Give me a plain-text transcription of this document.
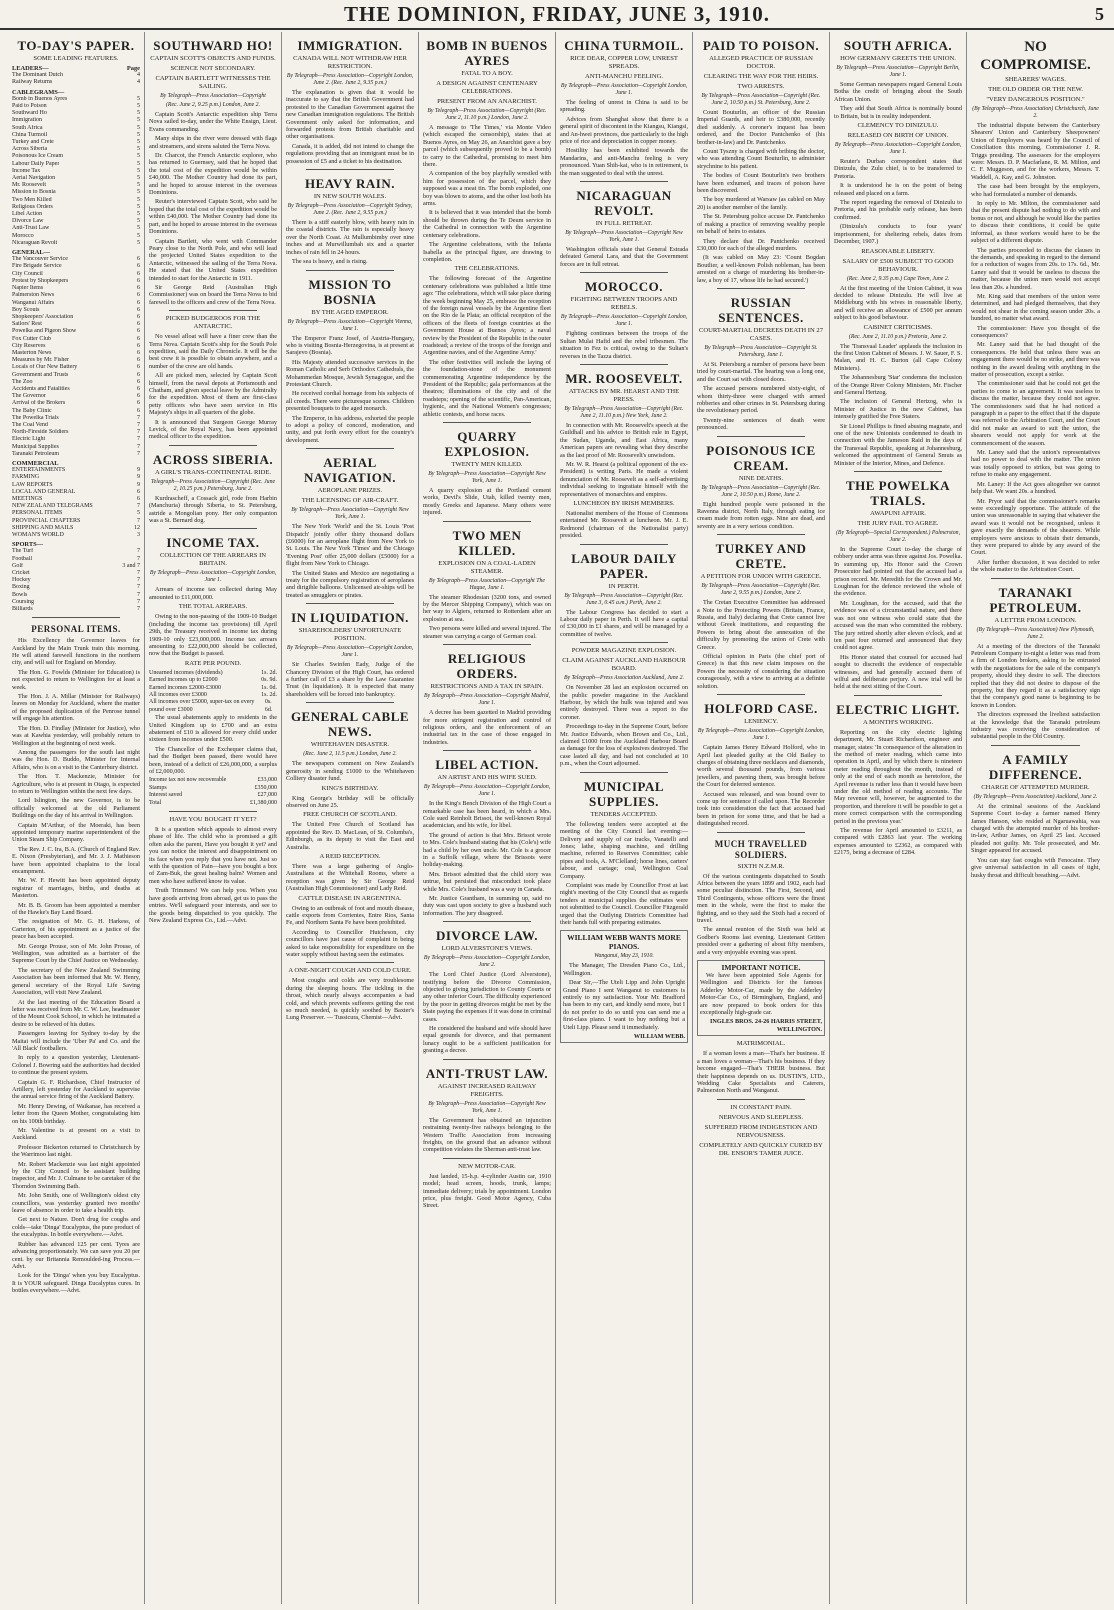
THE DOMINION, FRIDAY, JUNE 3, 1910.	5
TO-DAY'S PAPER.
SOME LEADING FEATURES.
LEADERS—	Page
The Dominant Dutch	4
Railway Returns	4
CABLEGRAMS—
Bomb in Buenos Ayres	5
Paid to Poison	5
Southward Ho	5
Immigration	5
South Africa	5
China Turmoil	5
Turkey and Crete	5
Across Siberia	5
Poisonous Ice Cream	5
Labour Daily Paper	5
Income Tax	5
Aerial Navigation	5
Mr. Roosevelt	5
Mission to Bosnia	5
Two Men Killed	5
Religious Orders	5
Libel Action	5
Divorce Law	5
Anti-Trust Law	5
Morocco	5
Nicaraguan Revolt	5
GENERAL—
The Vancouver Service	6
Fire Brigade Service	6
City Council	6
Protest by Shopkeepers	6
Napier Items	6
Palmerston News	6
Wanganui Affairs	6
Boy Scouts	6
Shopkeepers' Association	6
Sailors' Rest	6
Powelka and Pigeon Show	6
Fox Cutter Club	6
City Reserves	6
Masterton News	6
Measures by Mr. Fisher	6
Locals of Our New Battery	6
Government and Trusts	6
The Zoo	6
Accidents and Fatalities	6
The Governor	6
Arrival of the Brokers	6
The Baby Clinic	6
The Powelka Trials	7
The Coal Vend	7
North-Fireside Soldiers	7
Electric Light	7
Municipal Supplies	7
Taranaki Petroleum	7
COMMERCIAL
ENTERTAINMENTS	9
FARMING	9
LAW REPORTS	9
LOCAL AND GENERAL	6
MEETINGS	6
NEW ZEALAND TELEGRAMS	7
PERSONAL ITEMS	5
PROVINCIAL CHAPTERS	7
SHIPPING AND MAILS	12
WOMAN'S WORLD	3
SPORTS—
The Turf	7
Football	7
Golf	3 and 7
Cricket	7
Hockey	7
Boxing	7
Bowls	7
Coursing	7
Billiards	7
PERSONAL ITEMS.

His Excellency the Governor leaves for Auckland by the Main Trunk train this morning. He will attend farewell functions in the northern city, and will sail for England on Monday.

The Hon. G. Fowlds (Minister for Education) is not expected to return to Wellington for at least a week.

The Hon. J. A. Millar (Minister for Railways) leaves on Monday for Auckland, where the matter of the proposed duplication of the Penrose tunnel will engage his attention.

The Hon. D. Findlay (Minister for Justice), who was at Kawhia yesterday, will probably return to Wellington at the beginning of next week.

Among the passengers for the south last night was the Hon. D. Buddo, Minister for Internal Affairs, who is on a visit to the Canterbury district.

The Hon. T. Mackenzie, Minister for Agriculture, who is at present in Otago, is expected to return to Wellington within the next few days.

Lord Islington, the new Governor, is to be officially welcomed at the old Parliament Buildings on the day of his arrival in Wellington.

Captain M'Arthur, of the Moeraki, has been appointed temporary marine superintendent of the Union Steam Ship Company.

The Rev. J. C. Ira, B.A. (Church of England Rev. E. Nixon (Presbyterian), and Mr. J. J. Mathieson have been appointed chaplains to the local encampment.

Mr. W. F. Hewitt has been appointed deputy registrar of marriages, births, and deaths at Masterton.

Mr. B. B. Groom has been appointed a member of the Hawke's Bay Land Board.

The resignation of Mr. G. H. Harkess, of Carterton, of his appointment as a justice of the peace has been accepted.

Mr. George Prouse, son of Mr. John Prouse, of Wellington, was admitted as a barrister of the Supreme Court by the Chief Justice on Wednesday.

The secretary of the New Zealand Swimming Association has been informed that Mr. W. Henry, general secretary of the Royal Life Saving Association, will visit New Zealand.

At the last meeting of the Education Board a letter was received from Mr. C. W. Lee, headmaster of the Mount Cook School, in which he intimated a desire to be relieved of his duties.

Passengers leaving for Sydney to-day by the Maitai will include the 'Uber Pa' and Co. and the 'All Black' footballers.

In reply to a question yesterday, Lieutenant-Colonel J. Bowring said the authorities had decided to continue the present system.

Captain G. F. Richardson, Chief Instructor of Artillery, left yesterday for Auckland to supervise the annual service firing of the Auckland Battery.

Mr. Henry Dewing, of Waikanae, has received a letter from the Queen Mother, congratulating him on his 100th birthday.

Mr. Valentine is at present on a visit to Auckland.

Professor Bickerton returned to Christchurch by the Warrimoo last night.

Mr. Robert Mackenzie was last night appointed by the City Council to be assistant building inspector, and Mr. J. Culmane to be caretaker of the Thorndon Swimming Bath.

Mr. John Smith, one of Wellington's oldest city councillors, was yesterday granted two months' leave of absence in order to take a health trip.

Get next to Nature. Don't drug for coughs and colds—take 'Dinga' Eucalyptus, the pure product of the eucalyptus. In bottle everywhere.—Advt.

Rubber has advanced 125 per cent. Tyres are advancing proportionately. We can save you 20 per cent. by our Britannia Remoulded-ing Process.—Advt.

Look for the 'Dinga' when you buy Eucalyptus. It is YOUR safeguard. Dinga Eucalyptus cures. In bottles everywhere.—Advt.

SOUTHWARD HO!
CAPTAIN SCOTT'S OBJECTS AND FUNDS.
SCIENCE NOT SECONDARY.
CAPTAIN BARTLETT WITNESSES THE SAILING.
By Telegraph—Press Association—Copyright
(Rec. June 2, 9.25 p.m.) London, June 2.

Captain Scott's Antarctic expedition ship Terra Nova sailed to-day, under the White Ensign, Lieut. Evans commanding.

Many ships in the river were dressed with flags and streamers, and sirens saluted the Terra Nova.

Dr. Charcot, the French Antarctic explorer, who has returned to Guernsey, said that he hoped that the total cost of the expedition would be within £40,000. The Mother Country had done its part, and he hoped to arouse interest in the overseas Dominions.

Reuter's interviewed Captain Scott, who said he hoped that the total cost of the expedition would be within £40,000. The Mother Country had done its part, and he hoped to arouse interest in the overseas Dominions.

Captain Bartlett, who went with Commander Peary close to the North Pole, and who will lead the projected United States expedition to the Antarctic, witnessed the sailing of the Terra Nova. He stated that the United States expedition intended to start for the Antarctic in 1911.

Sir George Reid (Australian High Commissioner) was on board the Terra Nova to bid farewell to the officers and crew of the Terra Nova.

PICKED BUDGEROOS FOR THE ANTARCTIC.

No vessel afloat will have a finer crew than the Terra Nova. Captain Scott's ship for the South Pole expedition, said the Daily Chronicle. It will be the best crew it is possible to obtain anywhere, and a number of the crew are old hands.

All are picked men, selected by Captain Scott himself, from the naval depots at Portsmouth and Chatham, and given special leave by the Admiralty for the expedition. Most of them are first-class petty officers who have seen service in His Majesty's ships in all quarters of the globe.

It is announced that Surgeon George Murray Levick, of the Royal Navy, has been appointed medical officer to the expedition.

ACROSS SIBERIA.
A GIRL'S TRANS-CONTINENTAL RIDE.
Telegraph—Press Association—Copyright (Rec. June 2, 10.25 p.m.) Petersburg, June 2.

Kurdrascheff, a Cossack girl, rode from Harbin (Manchuria) through Siberia, to St. Petersburg, astride a Mongolian pony. Her only companion was a St. Bernard dog.

INCOME TAX.
COLLECTION OF THE ARREARS IN BRITAIN.
By Telegraph—Press Association—Copyright London, June 1.

Arrears of income tax collected during May amounted to £11,000,000.

THE TOTAL ARREARS.

Owing to the non-passing of the 1909-10 Budget (including the income tax provisions) till April 29th, the Treasury received in income tax during 1909-10 only £23,000,000. Income tax arrears amounting to £22,000,000 should be collected, now that the Budget is passed.

RATE PER POUND.
Unearned incomes (dividends)	1s. 2d.
Earned incomes up to £2000	0s. 9d.
Earned incomes £2000-£3000	1s. 0d.
All incomes over £3000	1s. 2d.
All incomes over £5000, super-tax on every pound over £3000
0s. 6d.

The usual abatements apply to residents in the United Kingdom up to £700 and an extra abatement of £10 is allowed for every child under sixteen from incomes under £500.

The Chancellor of the Exchequer claims that, had the Budget been passed, there would have been, instead of a deficit of £26,000,000, a surplus of £2,000,000.

Income tax not now recoverable	£33,000
Stamps	£350,000
Interest saved	£27,000
Total	£1,380,000
HAVE YOU BOUGHT IT YET?

It is a question which appeals to almost every phase of life. The child who is promised a gift often asks the parent, Have you bought it yet? and you can notice the interest and disappointment on its face when you reply that you have not. Just so with the question of Pain—have you bought a box of Zam-Buk, the great healing balm? Women and men who have suffered know its value.

Truth Trimmers! We can help you. When you have goods arriving from abroad, get us to pass the entries. We'll safeguard your interests, and see to the goods being dispatched to you quickly. The New Zealand Express Co., Ltd.—Advt.

IMMIGRATION.
CANADA WILL NOT WITHDRAW HER RESTRICTION.
By Telegraph—Press Association—Copyright London, June 2. (Rec. June 2, 9.35 p.m.)

The explanation is given that it would be inaccurate to say that the British Government had protested to the Canadian Government against the new Canadian immigration regulations. The British Government only asked for information, and forwarded protests from British charitable and other organisations.

Canada, it is added, did not intend to change the regulations providing that an immigrant must be in possession of £5 and a ticket to his destination.

HEAVY RAIN.
IN NEW SOUTH WALES.
By Telegraph—Press Association—Copyright Sydney, June 2. (Rec. June 2, 9.55 p.m.)

There is a stiff easterly blow, with heavy rain in the coastal districts. The rain is especially heavy over the North Coast. At Mullumbimby over nine inches and at Murwillumbah six and a quarter inches of rain fell in 24 hours.

The sea is heavy, and is rising.

MISSION TO BOSNIA
BY THE AGED EMPEROR.
By Telegraph—Press Association—Copyright Vienna, June 1.

The Emperor Franz Josef, of Austria-Hungary, who is visiting Bosnia-Herzegovina, is at present at Sarajevo (Bosnia).

His Majesty attended successive services in the Roman Catholic and Serb Orthodox Cathedrals, the Mohammedan Mosque, Jewish Synagogue, and the Protestant Church.

He received cordial homage from his subjects of all creeds. There were picturesque scenes. Children presented bouquets to the aged monarch.

The Emperor, in his address, exhorted the people to adopt a policy of concord, moderation, and unity, and put forth every effort for the country's development.

AERIAL NAVIGATION.
AEROPLANE PRIZES.
THE LICENSING OF AIR-CRAFT.
By Telegraph—Press Association—Copyright New York, June 1.

The New York 'World' and the St. Louis 'Post Dispatch' jointly offer thirty thousand dollars (£6000) for an aeroplane flight from New York to St. Louis. The New York 'Times' and the Chicago 'Evening Post' offer 25,000 dollars (£5000) for a flight from New York to Chicago.

The United States and Mexico are negotiating a treaty for the compulsory registration of aeroplanes and dirigible balloons. Unlicensed air-ships will be treated as smugglers or pirates.

IN LIQUIDATION.
SHAREHOLDERS' UNFORTUNATE POSITION.
By Telegraph—Press Association—Copyright London, June 1.

Sir Charles Swinfen Eady, Judge of the Chancery Division of the High Court, has ordered a further call of £3 a share by the Law Guarantee Trust (in liquidation). It is expected that many shareholders will be forced into bankruptcy.

GENERAL CABLE NEWS.
WHITEHAVEN DISASTER.
(Rec. June 2, 11.5 p.m.) London, June 2.

The newspapers comment on New Zealand's generosity in sending £1000 to the Whitehaven Colliery disaster fund.

KING'S BIRTHDAY.

King George's birthday will be officially observed on June 25.

FREE CHURCH OF SCOTLAND.

The United Free Church of Scotland has appointed the Rev. D. MacLean, of St. Columba's, Edinburgh, as its deputy to visit the East and Australia.

A REID RECEPTION.

There was a large gathering of Anglo-Australians at the Whitehall Rooms, where a reception was given by Sir George Reid (Australian High Commissioner) and Lady Reid.

CATTLE DISEASE IN ARGENTINA.

Owing to an outbreak of foot and mouth disease, cattle exports from Corrientes, Entre Rios, Santa Fe, and Northern Santa Fe have been prohibited.

According to Councillor Hutcheson, city councillors have just cause of complaint in being asked to take responsibility for expenditure on the water supply without having seen the estimates.

A ONE-NIGHT COUGH AND COLD CURE.

Most coughs and colds are very troublesome during the sleeping hours. The tickling in the throat, which nearly always accompanies a bad cold, and which prevents sufferers getting the rest so much needed, is quickly soothed by Baxter's Lung Preserver. — Tussicura, Chemist—Advt.

BOMB IN BUENOS AYRES
FATAL TO A BOY.
A DESIGN AGAINST CENTENARY CELEBRATIONS.
PRESENT FROM AN ANARCHIST.
By Telegraph—Press Association—Copyright (Rec. June 2, 11.10 p.m.) London, June 2.

A message to 'The Times,' via Monte Video (which escaped the censorship), states that at Buenos Ayres, on May 26, an Anarchist gave a boy parcel (which subsequently proved to be a bomb) to carry to the Cathedral, promising to meet him there.

A companion of the boy playfully wrestled with him for possession of the parcel, which they supposed was a meat tin. The bomb exploded, one boy was blown to atoms, and the other lost both his arms.

It is believed that it was intended that the bomb should be thrown during the Te Deum service in the Cathedral in connection with the Argentine centenary celebrations.

The Argentine celebrations, with the Infanta Isabella as the principal figure, are drawing to completion.

THE CELEBRATIONS.

The following forecast of the Argentine centenary celebrations was published a little time ago: 'The celebrations, which will take place during the week beginning May 25, embrace the reception of the foreign naval vessels by the Argentine fleet on the Rio de la Plata; an official reception of the officers of the fleets of foreign countries at the Government House at Buenos Ayres; a naval review by the President of the Republic in the outer roadstead; a review of the troops of the foreign and Argentine navies, and of the Argentine Army.'

The other festivities will include the laying of the foundation-stone of the monument commemorating Argentine independence by the President of the Republic; gala performances at the theatres; illuminations of the city and of the roadsteps; opening of the scientific, Pan-American, hygienic, and the National Women's congresses; athletic contests, and horse races.

QUARRY EXPLOSION.
TWENTY MEN KILLED.
By Telegraph—Press Association—Copyright New York, June 1.

A quarry explosion at the Portland cement works, Devil's Slide, Utah, killed twenty men, mostly Greeks and Japanese. Many others were injured.

TWO MEN KILLED.
EXPLOSION ON A COAL-LADEN STEAMER.
By Telegraph—Press Association—Copyright The Hague, June 1.

The steamer Rhodesian (3200 tons, and owned by the Mercer Shipping Company), which was on her way to Algiers, returned to Rotterdam after an explosion at sea.

Two persons were killed and several injured. The steamer was carrying a cargo of German coal.

RELIGIOUS ORDERS.
RESTRICTIONS AND A TAX IN SPAIN.
By Telegraph—Press Association—Copyright Madrid, June 1.

A decree has been gazetted in Madrid providing for more stringent registration and control of religious orders, and the enforcement of an industrial tax in the case of those engaged in industries.

LIBEL ACTION.
AN ARTIST AND HIS WIFE SUED.
By Telegraph—Press Association—Copyright London, June 1.

In the King's Bench Division of the High Court a remarkable case has been heard, in which a Mrs. Cole sued Reinholt Brissot, the well-known Royal academician, and his wife, for libel.

The ground of action is that Mrs. Brissot wrote to Mrs. Cole's husband stating that his (Cole's) wife had a child by her own uncle. Mr. Cole is a grocer in a Suffolk village, where the Brissots were holiday-making.

Mrs. Brissot admitted that the child story was untrue, but persisted that misconduct took place while Mrs. Cole's husband was a way in Canada.

Mr. Justice Grantham, in summing up, said no duty was cast upon society to give a husband such information. The jury disagreed.

DIVORCE LAW.
LORD ALVERSTONE'S VIEWS.
By Telegraph—Press Association—Copyright London, June 2.

The Lord Chief Justice (Lord Alverstone), testifying before the Divorce Commission, objected to giving jurisdiction to County Courts or any other inferior Court. The difficulty experienced by the poor in getting divorces might be met by the State paying the expenses if it was done in criminal cases.

He considered the husband and wife should have equal grounds for divorce, and that permanent lunacy ought to be a sufficient justification for granting a decree.

ANTI-TRUST LAW.
AGAINST INCREASED RAILWAY FREIGHTS.
By Telegraph—Press Association—Copyright New York, June 1.

The Government has obtained an injunction restraining twenty-five railways belonging to the Western Traffic Association from increasing freights, on the ground that an advance without competition violates the Sherman anti-trust law.

NEW MOTOR-CAR.

Just landed, 15-h.p. 4-cylinder Austin car, 1910 model; head screen, hoods, trunk, lamps; immediate delivery; trials by appointment. London price, plus freight. Good Motor Agency, Cuba Street.

CHINA TURMOIL.
RICE DEAR, COPPER LOW, UNREST SPREADS.
ANTI-MANCHU FEELING.
By Telegraph—Press Association—Copyright London, June 1.

The feeling of unrest in China is said to be spreading.

Advices from Shanghai show that there is a general spirit of discontent in the Kiangsu, Kiangsi, and An-hwei provinces, due particularly to the high price of rice and depreciation in copper money.

Hostility has been exhibited towards the Mandarins, and anti-Manchu feeling is very pronounced. Yuan Shih-kai, who is in retirement, is the man suggested to deal with the unrest.

NICARAGUAN REVOLT.
IN FULL RETREAT.
By Telegraph—Press Association—Copyright New York, June 1.

Washington officials state that General Estrada defeated General Lara, and that the Government forces are in full retreat.

MOROCCO.
FIGHTING BETWEEN TROOPS AND REBELS.
By Telegraph—Press Association—Copyright London, June 1.

Fighting continues between the troops of the Sultan Mulai Hafid and the rebel tribesmen. The situation in Fez is critical, owing to the Sultan's reverses in the Tazza district.

MR. ROOSEVELT.
ATTACKS BY MR. HEARST AND THE PRESS.
By Telegraph—Press Association—Copyright (Rec. June 2, 11.10 p.m.) New York, June 2.

In connection with Mr. Roosevelt's speech at the Guildhall and his advice to British rule in Egypt, the Sudan, Uganda, and East Africa, many American papers are revealing what they describe as the last proof of Mr. Roosevelt's unwisdom.

Mr. W. R. Hearst (a political opponent of the ex-President) is writing Paris. He made a violent denunciation of Mr. Roosevelt as a self-advertising individual seeking to ingratiate himself with the representatives of monarchies and empires.

LUNCHEON BY IRISH MEMBERS.

Nationalist members of the House of Commons entertained Mr. Roosevelt at luncheon. Mr. J. E. Redmond (chairman of the Nationalist party) presided.

LABOUR DAILY PAPER.
IN PERTH.
By Telegraph—Press Association—Copyright (Rec. June 3, 0.45 a.m.) Perth, June 2.

The Labour Congress has decided to start a Labour daily paper in Perth. It will have a capital of £30,000 in £1 shares, and will be managed by a committee of twelve.

POWDER MAGAZINE EXPLOSION.
CLAIM AGAINST AUCKLAND HARBOUR BOARD.
By Telegraph—Press Association Auckland, June 2.

On November 28 last an explosion occurred on the public powder magazine in the Auckland Harbour, by which the hulk was injured and was entirely destroyed. There was a report to the coroner.

Proceedings to-day in the Supreme Court, before Mr. Justice Edwards, when Brown and Co., Ltd., claimed £1000 from the Auckland Harbour Board as damage for the loss of explosives destroyed. The case lasted all day, and had not concluded at 10 p.m., when the Court adjourned.

MUNICIPAL SUPPLIES.
TENDERS ACCEPTED.

The following tenders were accepted at the meeting of the City Council last evening:—Delivery and supply of car tracks, Vanatelli and Jones; lathe, shaping machine, and drilling machine, referred to Reserves Committee; cable pipes and tools, A. M'Clelland; horse lines, carters' labour, and cartage; coal, Wellington Coal Company.

Complaint was made by Councillor Frost at last night's meeting of the City Council that as regards tenders at municipal supplies the estimates were not submitted to the Council. Councillor Fitzgerald urged that the Outlying Districts Committee had their hands full with preparing estimates.

WILLIAM WEBB WANTS MORE PIANOS.
Wanganui, May 23, 1910.

The Manager, The Dresden Piano Co., Ltd., Wellington.

Dear Sir,—The Uteli Lipp and John Upright Grand Piano I sent Wanganui to customers is entirely to my satisfaction. Your Mr. Bradford has been to my cart, and kindly send more, but I do not prefer to do so until you can send me a first-class piano. I want to buy nothing but a Uteli Lipp. Please send it immediately.

WILLIAM WEBB.
PAID TO POISON.
ALLEGED PRACTICE OF RUSSIAN DOCTOR.
CLEARING THE WAY FOR THE HEIRS.
TWO ARRESTS.
By Telegraph—Press Association—Copyright (Rec. June 2, 10.50 p.m.) St. Petersburg, June 2.

Count Bouturlin, an officer of the Russian Imperial Guards, and heir to £380,000, recently died suddenly. A coroner's inquest has been ordered, and the Doctor Pantchenko of (his brother-in-law) and Dr. Pantchenko.

Count Tyszny is charged with bribing the doctor, who was attending Count Bouturlin, to administer strychnine to his patient.

The bodies of Count Bouturlin's two brothers have been exhumed, and traces of poison have been discovered.

The boy murdered at Warsaw (as cabled on May 20) is another member of the family.

The St. Petersburg police accuse Dr. Pantchenko of making a practice of removing wealthy people on behalf of heirs to estates.

They declare that Dr. Pantchenko received £30,000 for each of the alleged murders.

(It was cabled on May 23: 'Count Bogdan Boutlier, a well-known Polish nobleman, has been arrested on a charge of murdering his brother-in-law, a boy of 17, whose life he had secured.')

RUSSIAN SENTENCES.
COURT-MARTIAL DECREES DEATH IN 27 CASES.
By Telegraph—Press Association—Copyright St. Petersburg, June 1.

At St. Petersburg a number of persons have been tried by court-martial. The hearing was a long one, and the Court sat with closed doors.

The accused persons numbered sixty-eight, of whom thirty-three were charged with armed robberies and other crimes in St. Petersburg during the revolutionary period.

Twenty-nine sentences of death were pronounced.

POISONOUS ICE CREAM.
NINE DEATHS.
By Telegraph—Press Association—Copyright (Rec. June 2, 10.50 p.m.) Rome, June 2.

Eight hundred people were poisoned in the Ravenna district, North Italy, through eating ice cream made from rotten eggs. Nine are dead, and seventy are in a very serious condition.

TURKEY AND CRETE.
A PETITION FOR UNION WITH GREECE.
By Telegraph—Press Association—Copyright (Rec. June 2, 9.55 p.m.) London, June 2.

The Cretan Executive Committee has addressed a Note to the Protecting Powers (Britain, France, Russia, and Italy) declaring that Crete cannot live without Greek institutions, and requesting the Powers to bring about the annexation of the difficulty by promoting the union of Crete with Greece.

Official opinion in Paris (the chief port of Greece) is that this new claim imposes on the Powers the necessity of considering the situation courageously, with a view to arriving at a definite solution.

HOLFORD CASE.
LENIENCY.
By Telegraph—Press Association—Copyright London, June 1.

Captain James Henry Edward Holford, who in April last pleaded guilty at the Old Bailey to charges of obtaining three necklaces and diamonds, worth several thousand pounds, from various jewellers, and pawning them, was brought before the Court for deferred sentence.

Accused was released, and was bound over to come up for sentence if called upon. The Recorder took into consideration the fact that accused had been in prison for some time, and that he had a distinguished record.

MUCH TRAVELLED SOLDIERS.
SIXTH N.Z.M.R.

Of the various contingents dispatched to South Africa between the years 1899 and 1902, each had some peculiar distinction. The First, Second, and Third Contingents, whose officers were the finest men in the whole, were the first to make the fighting, and so they said the Sixth had a record of travel.

The annual reunion of the Sixth was held at Godber's Rooms last evening. Lieutenant Gritten presided over a gathering of about fifty members, and a very enjoyable evening was spent.

IMPORTANT NOTICE.

We have been appointed Sole Agents for Wellington and Districts for the famous Adderley Motor-Car, made by the Adderley Motor-Car Co., of Birmingham, England, and are now prepared to book orders for this exceptionally high-grade car.

INGLES BROS. 24-26 HARRIS STREET, WELLINGTON.
MATRIMONIAL.

If a woman loves a man—That's her business. If a man loves a woman—That's his business. If they become engaged—That's THEIR business. But their happiness depends on us. DUSTIN'S, LTD., Wedding Cake Specialists and Caterers, Palmerston North and Wanganui.

IN CONSTANT PAIN.
NERVOUS AND SLEEPLESS.
SUFFERED FROM INDIGESTION AND NERVOUSNESS.
COMPLETELY AND QUICKLY CURED BY DR. ENSOR'S TAMER JUICE.
SOUTH AFRICA.
HOW GERMANY GREETS THE UNION.
By Telegraph—Press Association—Copyright Berlin, June 1.

Some German newspapers regard General Louis Botha the credit of bringing about the South African Union.

They add that South Africa is nominally bound to Britain, but is in reality independent.

CLEMENCY TO DINIZULU.
RELEASED ON BIRTH OF UNION.
By Telegraph—Press Association—Copyright London, June 1.

Reuter's Durban correspondent states that Dinizulu, the Zulu chief, is to be transferred to Pretoria.

It is understood he is on the point of being released and placed on a farm.

The report regarding the removal of Dinizulu to Pretoria, and his probable early release, has been confirmed.

(Dinizulu's conducts to four years' imprisonment, for sheltering rebels, dates from December, 1907.)

REASONABLE LIBERTY.
SALARY OF £500 SUBJECT TO GOOD BEHAVIOUR.
(Rec. June 2, 9.35 p.m.) Cape Town, June 2.

At the first meeting of the Union Cabinet, it was decided to release Dinizulu. He will live at Middleburg with his wives in reasonable liberty, and will receive an allowance of £500 per annum subject to his good behaviour.

CABINET CRITICISMS.
(Rec. June 2, 11.10 p.m.) Pretoria, June 2.

The 'Transvaal Leader' applauds the inclusion in the first Union Cabinet of Messrs. J. W. Sauer, F. S. Malan, and H. C. Burton (all Cape Colony Ministers).

The Johannesburg 'Star' condemns the inclusion of the Orange River Colony Ministers, Mr. Fischer and General Hertzog.

The inclusion of General Hertzog, who is Minister of Justice in the new Cabinet, has intensely gratified the Free Staters.

Sir Lionel Phillips is fined abusing magnate, and one of the new Unionists condemned to death in connection with the Jameson Raid in the days of the Transvaal Republic, speaking at Johannesburg, welcomed the appointment of General Smuts as Minister of the Interior, Mines, and Defence.

THE POWELKA TRIALS.
AWAPUNI AFFAIR.
THE JURY FAIL TO AGREE.
(By Telegraph—Special Correspondent.) Palmerston, June 2.

In the Supreme Court to-day the charge of robbery under arms was three against Jos. Powelka. In summing up, His Honor said the Crown Prosecutor had pointed out that the accused had a prison record. Mr. Meredith for the Crown and Mr. Loughnan for the defence reviewed the whole of the evidence.

Mr. Loughnan, for the accused, said that the evidence was of a circumstantial nature, and there was not one witness who could state that the accused was the man who committed the robbery. The jury retired shortly after eleven o'clock, and at ten past four returned and announced that they could not agree.

His Honor stated that counsel for accused had sought to discredit the evidence of respectable witnesses, and had generally accused them of wilful and deliberate perjury. A new trial will be held at the next sitting of the Court.

ELECTRIC LIGHT.
A MONTH'S WORKING.

Reporting on the city electric lighting department, Mr. Stuart Richardson, engineer and manager, states: 'In consequence of the alteration in the method of meter reading, which came into operation in April, and by which there is nineteen meter reading throughout the month, instead of only at the end of each month as heretofore, the April revenue is rather less than it would have been under the old method of reading accounts. The May revenue will, however, be augmented to the proportion, and therefore it will be possible to get a more correct comparison with the corresponding period in the previous year.'

The revenue for April amounted to £3211, as compared with £2863 last year. The working expenses amounted to £2362, as compared with £2175, being a decrease of £284.

NO COMPROMISE.
SHEARERS' WAGES.
THE OLD ORDER OR THE NEW.
"VERY DANGEROUS POSITION."
(By Telegraph—Press Association) Christchurch, June 2.

The industrial dispute between the Canterbury Shearers' Union and Canterbury Sheepowners' Union of Employers was heard by the Council of Conciliation this morning, Commissioner J. R. Triggs presiding. The assessors for the employers were: Messrs. D. P. Macfarlane, R. M. Milton, and C. F. Muggeson, and for the workers, Messrs. T. Waddell, A. Kay, and G. Johnston.

The case had been brought by the employers, who had formulated a number of demands.

In reply to Mr. Milton, the commissioner said that the present dispute had nothing to do with and bonus or not, and although he would like the parties to discuss their conditions, it could be quite informal, as these workers would have to be the subject of a different dispute.

The parties proceeded to discuss the clauses in the demands, and speaking in regard to the demand for a reduction of wages from 20s. to 17s. 6d., Mr. Laney said that it would be useless to discuss the matter, because the union men would not accept less than 20s. a hundred.

Mr. King said that members of the union were determined, and had pledged themselves, that they would not shear in the coming season under 20s. a hundred, no matter what award.

The commissioner: Have you thought of the consequences?

Mr. Laney said that he had thought of the consequences. He held that unless there was an engagement there would be no strike, and there was nothing in the award dealing with anything in the matter of prosecution, except a strike.

The commissioner said that he could not get the parties to come to an agreement. It was useless to discuss the matter, because they could not agree. The commissioners said that he had noticed a paragraph in a paper to the effect that if the dispute was referred to the Arbitration Court, and the Court did not make an award to suit the union, the shearers would not apply for work at the commencement of the season.

Mr. Laney said that the union's representatives had no power to deal with the matter. The union was totally opposed to strikes, but was going to refuse to make any engagement.

Mr. Laney: If the Act goes altogether we cannot help that. We want 20s. a hundred.

Mr. Pryor said that the commissioner's remarks were exceedingly opportune. The attitude of the union was unreasonable in saying that whatever the award was it would not be recognised, unless it gave exactly the demands of the shearers. While employers were anxious to obtain their demands, they were prepared to abide by any award of the Court.

After further discussion, it was decided to refer the whole matter to the Arbitration Court.

TARANAKI PETROLEUM.
A LETTER FROM LONDON.
(By Telegraph—Press Association) New Plymouth, June 2.

At a meeting of the directors of the Taranaki Petroleum Company to-night a letter was read from a firm of London brokers, asking to be entrusted with the negotiations for the sale of the company's property, should they desire to sell. The directors replied that they did not desire to dispose of the property, but they regard it as a satisfactory sign that the company's good name is beginning to be known in London.

The directors expressed the liveliest satisfaction at the knowledge that the Taranaki petroleum industry was receiving the consideration of substantial people in the Old Country.

A FAMILY DIFFERENCE.
CHARGE OF ATTEMPTED MURDER.
(By Telegraph—Press Association) Auckland, June 2.

At the criminal sessions of the Auckland Supreme Court to-day a farmer named Henry James Hanson, who resided at Ngaruawahia, was charged with the attempted murder of his brother-in-law, Arthur James, on April 25 last. Accused pleaded not guilty. Mr. Tole prosecuted, and Mr. Singer appeared for accused.

You can stay fast coughs with Fenocaine. They give universal satisfaction in all cases of tight, husky throat and difficult breathing.—Advt.
